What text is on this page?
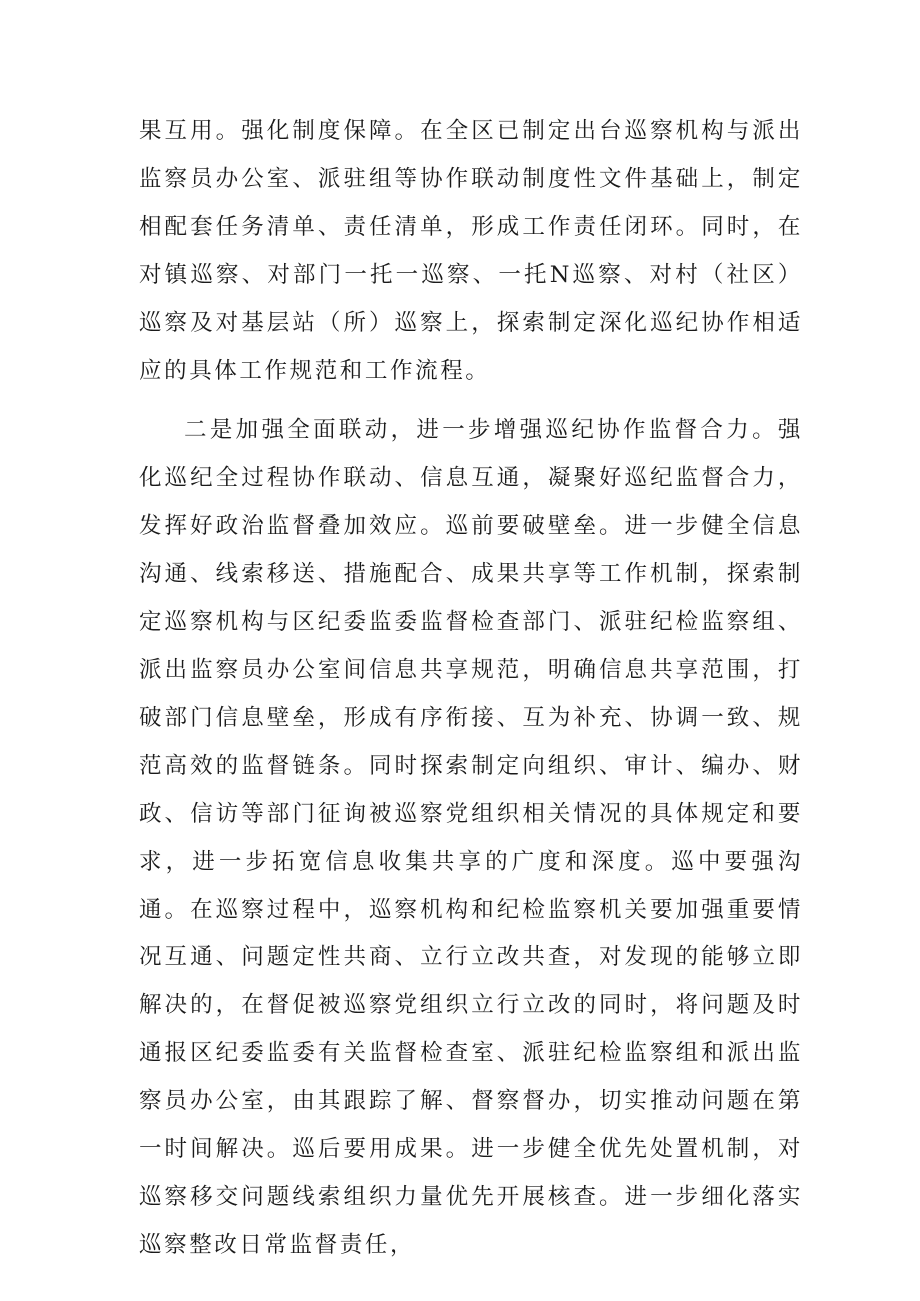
果互用。强化制度保障。在全区已制定出台巡察机构与派出监察员办公室、派驻组等协作联动制度性文件基础上，制定相配套任务清单、责任清单，形成工作责任闭环。同时，在对镇巡察、对部门一托一巡察、一托N巡察、对村（社区）巡察及对基层站（所）巡察上，探索制定深化巡纪协作相适应的具体工作规范和工作流程。

二是加强全面联动，进一步增强巡纪协作监督合力。强化巡纪全过程协作联动、信息互通，凝聚好巡纪监督合力，发挥好政治监督叠加效应。巡前要破壁垒。进一步健全信息沟通、线索移送、措施配合、成果共享等工作机制，探索制定巡察机构与区纪委监委监督检查部门、派驻纪检监察组、派出监察员办公室间信息共享规范，明确信息共享范围，打破部门信息壁垒，形成有序衔接、互为补充、协调一致、规范高效的监督链条。同时探索制定向组织、审计、编办、财政、信访等部门征询被巡察党组织相关情况的具体规定和要求，进一步拓宽信息收集共享的广度和深度。巡中要强沟通。在巡察过程中，巡察机构和纪检监察机关要加强重要情况互通、问题定性共商、立行立改共查，对发现的能够立即解决的，在督促被巡察党组织立行立改的同时，将问题及时通报区纪委监委有关监督检查室、派驻纪检监察组和派出监察员办公室，由其跟踪了解、督察督办，切实推动问题在第一时间解决。巡后要用成果。进一步健全优先处置机制，对巡察移交问题线索组织力量优先开展核查。进一步细化落实巡察整改日常监督责任，
